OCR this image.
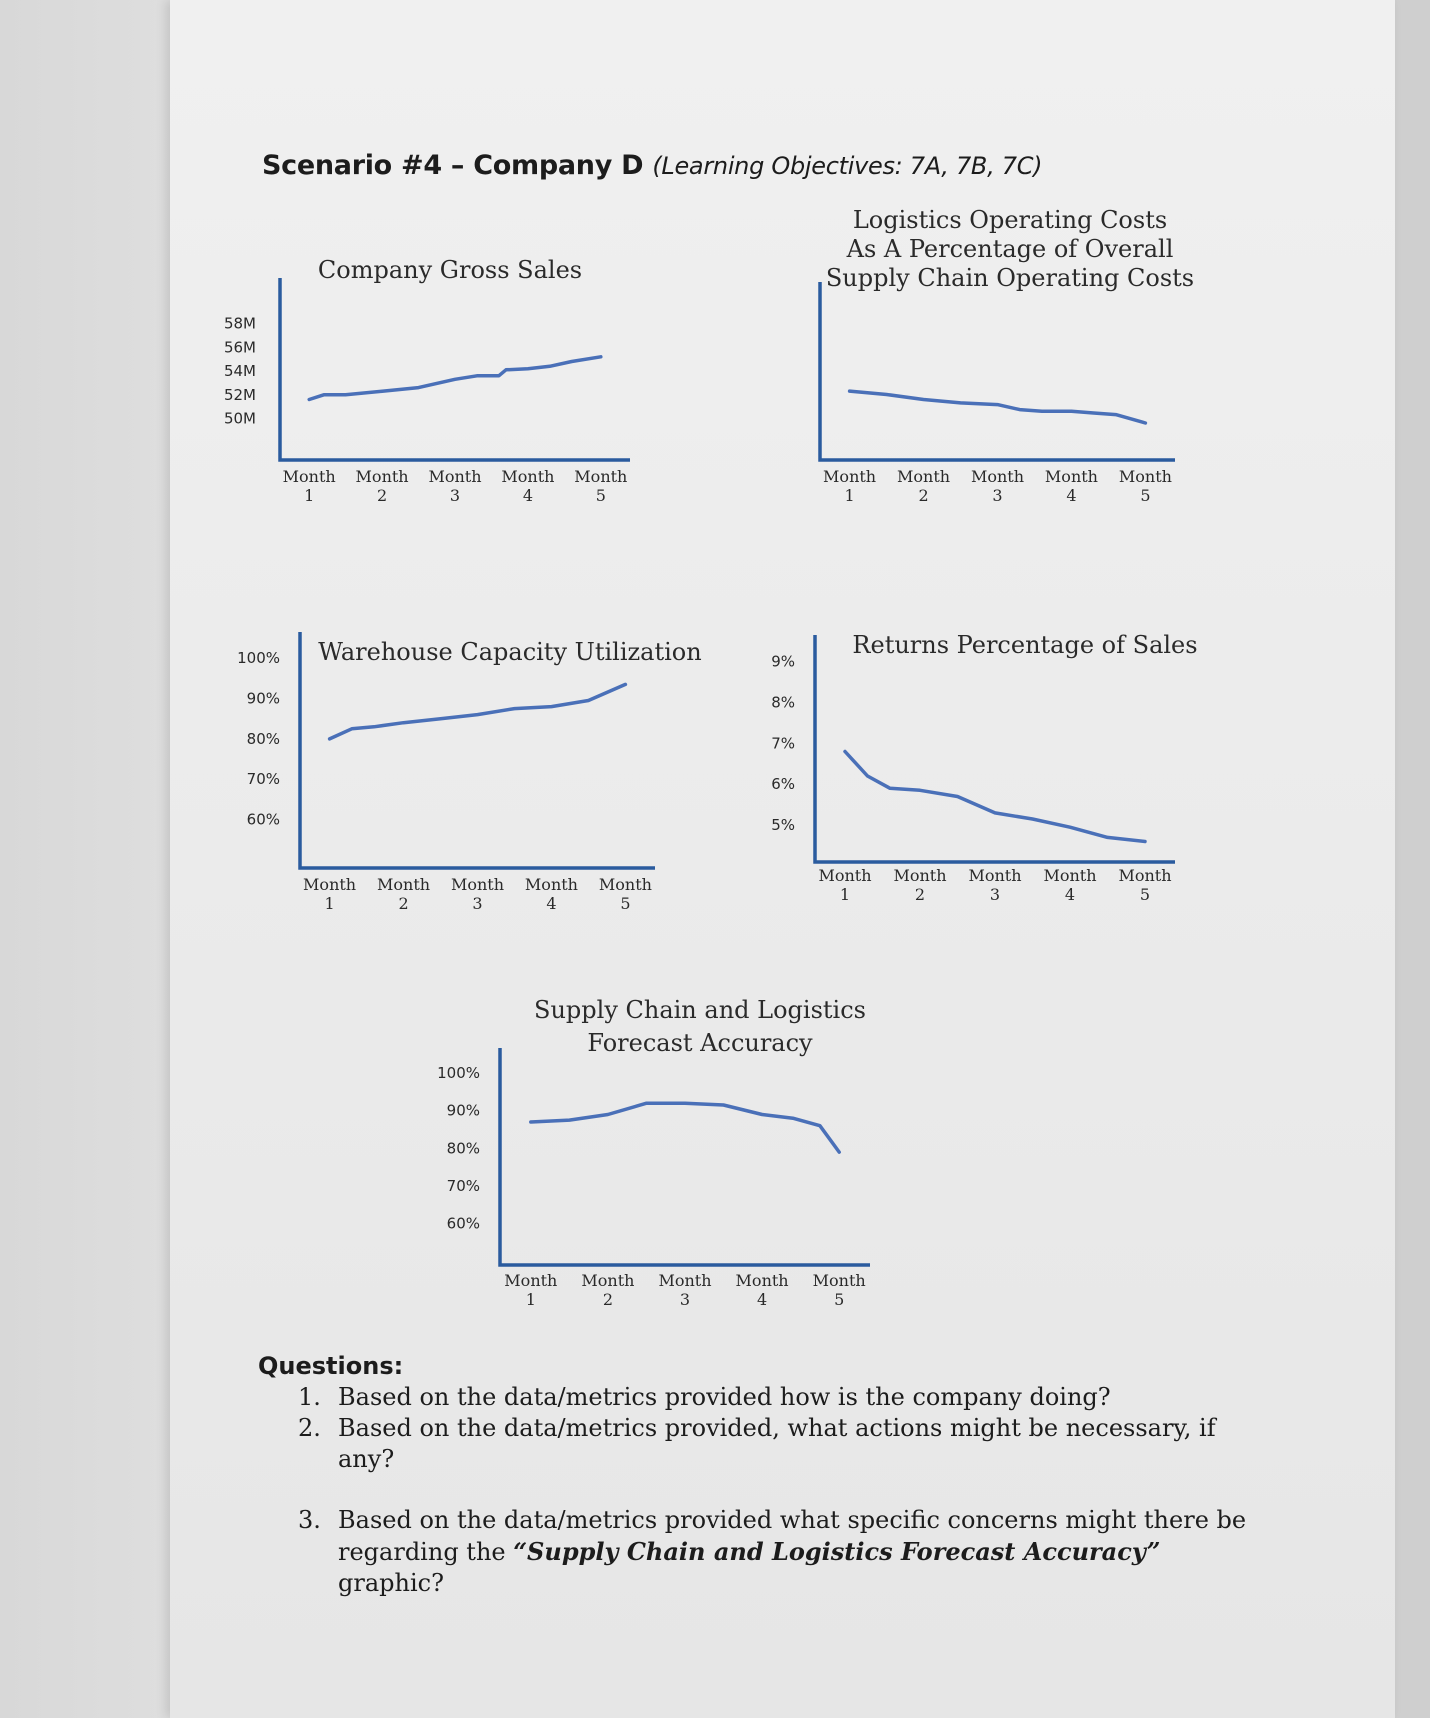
Scenario #4 – Company D (Learning Objectives: 7A, 7B, 7C)
Company Gross Sales
58M
56M
54M
52M
50M
Month
1
Month
2
Month
3
Month
4
Month
5
Logistics Operating Costs
As A Percentage of Overall
Supply Chain Operating Costs
Month
1
Month
2
Month
3
Month
4
Month
5
Warehouse Capacity Utilization
100%
90%
80%
70%
60%
Month
1
Month
2
Month
3
Month
4
Month
5
Returns Percentage of Sales
9%
8%
7%
6%
5%
Month
1
Month
2
Month
3
Month
4
Month
5
Supply Chain and Logistics
Forecast Accuracy
100%
90%
80%
70%
60%
Month
1
Month
2
Month
3
Month
4
Month
5
Questions:
1. Based on the data/metrics provided how is the company doing?
2. Based on the data/metrics provided, what actions might be necessary, if any?
3. Based on the data/metrics provided what specific concerns might there be regarding the “Supply Chain and Logistics Forecast Accuracy” graphic?
